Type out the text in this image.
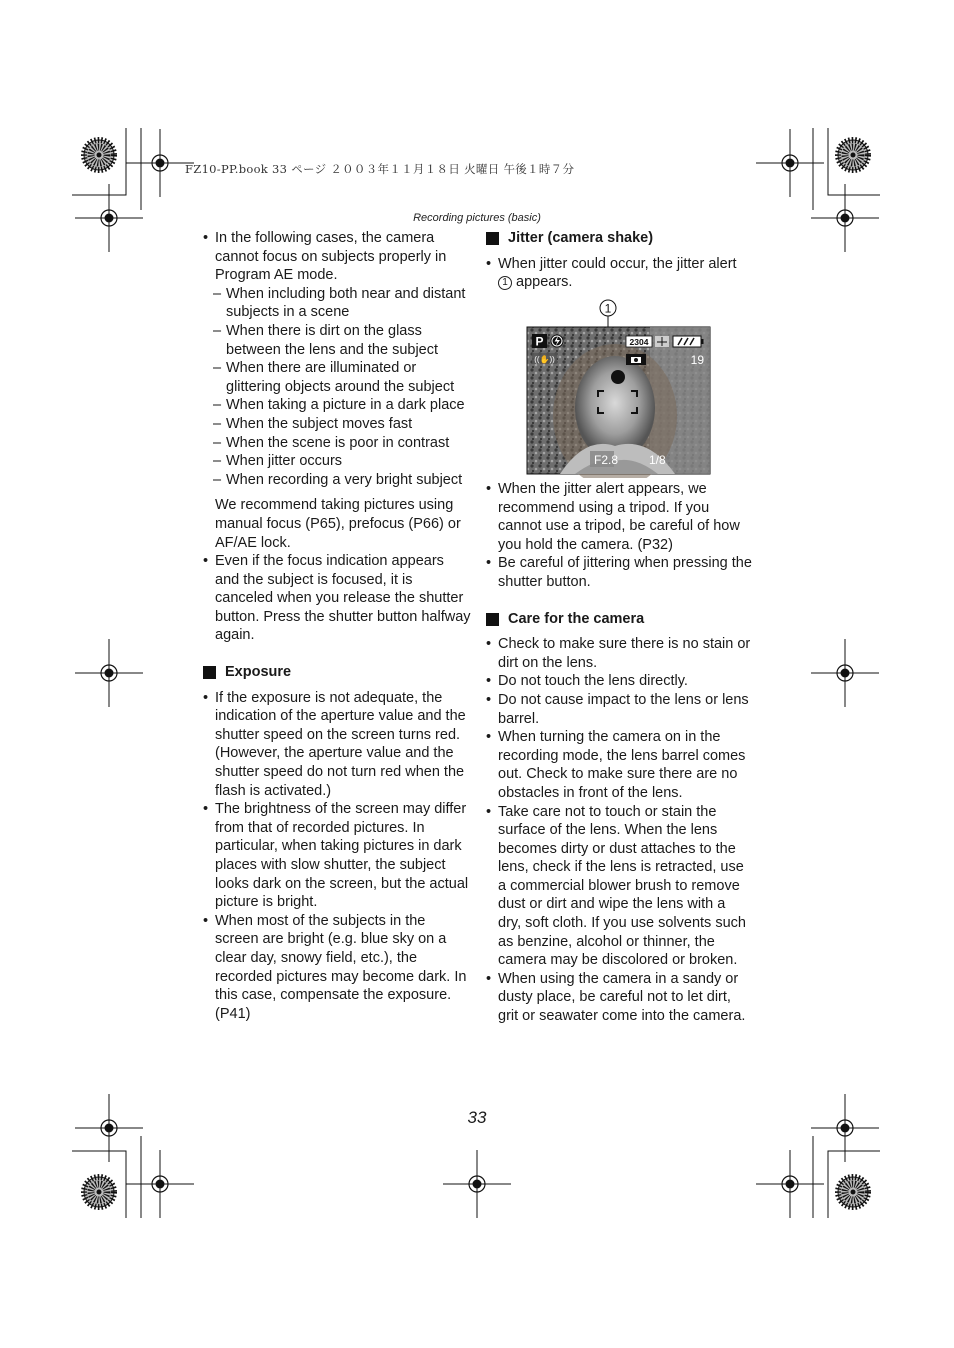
FZ10-PP.book 33 ページ ２００３年１１月１８日 火曜日 午後１時７分
Recording pictures (basic)
• In the following cases, the camera cannot focus on subjects properly in Program AE mode.
– When including both near and distant subjects in a scene
– When there is dirt on the glass between the lens and the subject
– When there are illuminated or glittering objects around the subject
– When taking a picture in a dark place
– When the subject moves fast
– When the scene is poor in contrast
– When jitter occurs
– When recording a very bright subject
We recommend taking pictures using manual focus (P65), prefocus (P66) or AF/AE lock.
• Even if the focus indication appears and the subject is focused, it is canceled when you release the shutter button. Press the shutter button halfway again.
Exposure
• If the exposure is not adequate, the indication of the aperture value and the shutter speed on the screen turns red. (However, the aperture value and the shutter speed do not turn red when the flash is activated.)
• The brightness of the screen may differ from that of recorded pictures. In particular, when taking pictures in dark places with slow shutter, the subject looks dark on the screen, but the actual picture is bright.
• When most of the subjects in the screen are bright (e.g. blue sky on a clear day, snowy field, etc.), the recorded pictures may become dark. In this case, compensate the exposure. (P41)
Jitter (camera shake)
• When jitter could occur, the jitter alert
1 appears.
1
P
((✋))
2304
19
F2.8	1/8
• When the jitter alert appears, we recommend using a tripod. If you cannot use a tripod, be careful of how you hold the camera. (P32)
• Be careful of jittering when pressing the shutter button.
Care for the camera
• Check to make sure there is no stain or dirt on the lens.
• Do not touch the lens directly.
• Do not cause impact to the lens or lens barrel.
• When turning the camera on in the recording mode, the lens barrel comes out. Check to make sure there are no obstacles in front of the lens.
• Take care not to touch or stain the surface of the lens. When the lens becomes dirty or dust attaches to the lens, check if the lens is retracted, use a commercial blower brush to remove dust or dirt and wipe the lens with a dry, soft cloth. If you use solvents such as benzine, alcohol or thinner, the camera may be discolored or broken.
• When using the camera in a sandy or dusty place, be careful not to let dirt, grit or seawater come into the camera.
33
